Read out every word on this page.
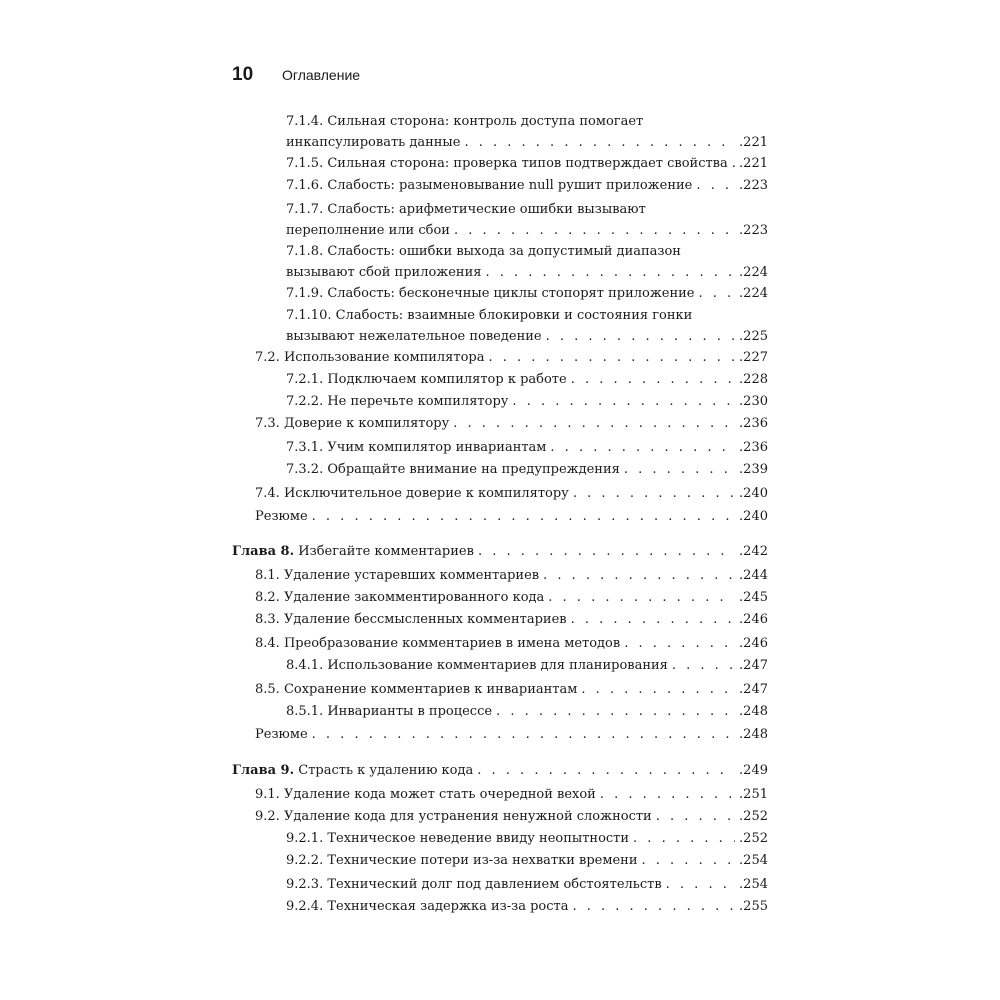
10	Оглавление
7.1.4. Сильная сторона: контроль доступа помогает
инкапсулировать данные . . .	.221
7.1.5. Сильная сторона: проверка типов подтверждает свойства . . . .221
7.1.6. Слабость: разыменовывание null рушит приложение . . .	.223
7.1.7. Слабость: арифметические ошибки вызывают
переполнение или сбои . . .	.223
7.1.8. Слабость: ошибки выхода за допустимый диапазон
вызывают сбой приложения . . .	.224
7.1.9. Слабость: бесконечные циклы стопорят приложение . . .	.224
7.1.10. Слабость: взаимные блокировки и состояния гонки
вызывают нежелательное поведение . . .	.225
7.2. Использование компилятора . . .	.227
7.2.1. Подключаем компилятор к работе . . .	.228
7.2.2. Не перечьте компилятору . . .	.230
7.3. Доверие к компилятору . . .	.236
7.3.1. Учим компилятор инвариантам . . .	.236
7.3.2. Обращайте внимание на предупреждения . . .	.239
7.4. Исключительное доверие к компилятору . . .	.240
Резюме . . .	.240
Глава 8. Избегайте комментариев . . .	.242
8.1. Удаление устаревших комментариев . . .	.244
8.2. Удаление закомментированного кода . . .	.245
8.3. Удаление бессмысленных комментариев . . .	.246
8.4. Преобразование комментариев в имена методов . . .	.246
8.4.1. Использование комментариев для планирования . . .	.247
8.5. Сохранение комментариев к инвариантам . . .	.247
8.5.1. Инварианты в процессе . . .	.248
Резюме . . .	.248
Глава 9. Страсть к удалению кода . . .	.249
9.1. Удаление кода может стать очередной вехой . . .	.251
9.2. Удаление кода для устранения ненужной сложности . . .	.252
9.2.1. Техническое неведение ввиду неопытности . . .	.252
9.2.2. Технические потери из-за нехватки времени . . .	.254
9.2.3. Технический долг под давлением обстоятельств . . .	.254
9.2.4. Техническая задержка из-за роста . . .	.255
